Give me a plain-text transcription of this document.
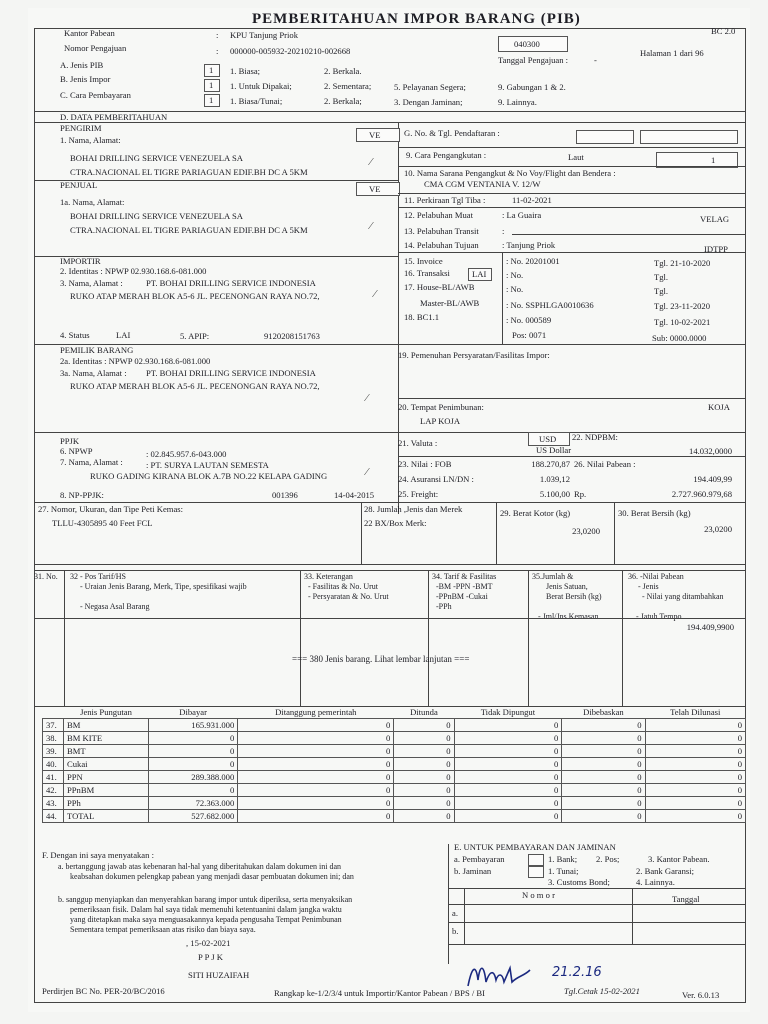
PEMBERITAHUAN IMPOR BARANG (PIB)
BC 2.0
Halaman 1 dari 96
Kantor Pabean	: KPU Tanjung Priok
040300
Nomor Pengajuan	: 000000-005932-20210210-002668
Tanggal Pengajuan :	-
A. Jenis PIB	1 1. Biasa;	2. Berkala.
B. Jenis Impor
1 1. Untuk Dipakai;	2. Sementara;	5. Pelayanan Segera;	9. Gabungan 1 & 2.
C. Cara Pembayaran	1 1. Biasa/Tunai;	2. Berkala;	3. Dengan Jaminan;	9. Lainnya.
D. DATA PEMBERITAHUAN
PENGIRIM
VE
1. Nama, Alamat:
BOHAI DRILLING SERVICE VENEZUELA SA
CTRA.NACIONAL EL TIGRE PARIAGUAN EDIF.BH DC A 5KM
⁄
PENJUAL	VE
1a. Nama, Alamat:
BOHAI DRILLING SERVICE VENEZUELA SA
CTRA.NACIONAL EL TIGRE PARIAGUAN EDIF.BH DC A 5KM	⁄
IMPORTIR
2. Identitas : NPWP 02.930.168.6-081.000
3. Nama, Alamat :	PT. BOHAI DRILLING SERVICE INDONESIA
RUKO ATAP MERAH BLOK A5-6 JL. PECENONGAN RAYA NO.72,	⁄
4. Status	LAI	5. APIP:	9120208151763
PEMILIK BARANG
2a. Identitas : NPWP 02.930.168.6-081.000
3a. Nama, Alamat : PT. BOHAI DRILLING SERVICE INDONESIA
RUKO ATAP MERAH BLOK A5-6 JL. PECENONGAN RAYA NO.72,
⁄
PPJK
6. NPWP	: 02.845.957.6-043.000
7. Nama, Alamat :	: PT. SURYA LAUTAN SEMESTA
RUKO GADING KIRANA BLOK A.7B NO.22 KELAPA GADING	⁄
8. NP-PPJK:	001396	14-04-2015
G. No. & Tgl. Pendaftaran :
9. Cara Pengangkutan :	Laut	1
10. Nama Sarana Pengangkut & No Voy/Flight dan Bendera :
CMA CGM VENTANIA V. 12/W
11. Perkiraan Tgl Tiba :	11-02-2021
12. Pelabuhan Muat	: La Guaira	VELAG
13. Pelabuhan Transit	:
14. Pelabuhan Tujuan	: Tanjung Priok	IDTPP
15. Invoice	: No. 20201001	Tgl. 21-10-2020
16. Transaksi	LAI : No.	Tgl.
17. House-BL/AWB	: No.	Tgl.
Master-BL/AWB	: No. SSPHLGA0010636	Tgl. 23-11-2020
18. BC1.1	: No. 000589	Tgl. 10-02-2021
Pos: 0071	Sub: 0000.0000
19. Pemenuhan Persyaratan/Fasilitas Impor:
20. Tempat Penimbunan:	KOJA
LAP KOJA
21. Valuta :	USD 22. NDPBM:
US Dollar	14.032,0000
23. Nilai : FOB	188.270,87 26. Nilai Pabean :
24. Asuransi LN/DN :	1.039,12	194.409,99
25. Freight:	5.100,00 Rp.	2.727.960.979,68
27. Nomor, Ukuran, dan Tipe Peti Kemas:
TLLU-4305895 40 Feet FCL
28. Jumlah ,Jenis dan Merek
22 BX/Box Merk:
29. Berat Kotor (kg)
23,0200
30. Berat Bersih (kg)
23,0200
31. No. 32 - Pos Tarif/HS
- Uraian Jenis Barang, Merk, Tipe, spesifikasi wajib
- Negasa Asal Barang
33. Keterangan
- Fasilitas & No. Urut
- Persyaratan & No. Urut
34. Tarif & Fasilitas
-BM -PPN -BMT
-PPnBM -Cukai
-PPh
35.Jumlah &
Jenis Satuan,
Berat Bersih (kg)
- Jml/Jns Kemasan
36. -Nilai Pabean
- Jenis
- Nilai yang ditambahkan
- Jatuh Tempo
194.409,9900
=== 380 Jenis barang. Lihat lembar lanjutan ===
	Jenis Pungutan	Dibayar	Ditanggung pemerintah	Ditunda	Tidak Dipungut	Dibebaskan	Telah Dilunasi
37.	BM	165.931.000	0	0	0	0	0
38.	BM KITE	0	0	0	0	0	0
39.	BMT	0	0	0	0	0	0
40.	Cukai	0	0	0	0	0	0
41.	PPN	289.388.000	0	0	0	0	0
42.	PPnBM	0	0	0	0	0	0
43.	PPh	72.363.000	0	0	0	0	0
44.	TOTAL	527.682.000	0	0	0	0	0
F. Dengan ini saya menyatakan :
a. bertanggung jawab atas kebenaran hal-hal yang diberitahukan dalam dokumen ini dan
keabsahan dokumen pelengkap pabean yang menjadi dasar pembuatan dokumen ini; dan
b. sanggup menyiapkan dan menyerahkan barang impor untuk diperiksa, serta menyaksikan
pemeriksaan fisik. Dalam hal saya tidak memenuhi ketentuanini dalam jangka waktu
yang ditetapkan maka saya menguasakannya kepada pengusaha Tempat Penimbunan
Sementara tempat pemeriksaan atas risiko dan biaya saya.
, 15-02-2021
P P J K
SITI HUZAIFAH
E. UNTUK PEMBAYARAN DAN JAMINAN
a. Pembayaran	1. Bank; 2. Pos;	3. Kantor Pabean.
b. Jaminan	1. Tunai;	2. Bank Garansi;
3. Customs Bond;	4. Lainnya.
N o m o r	Tanggal
a.
b.
21.2.16
Perdirjen BC No. PER-20/BC/2016	Rangkap ke-1/2/3/4 untuk Importir/Kantor Pabean / BPS / BI	Tgl.Cetak 15-02-2021	Ver. 6.0.13
